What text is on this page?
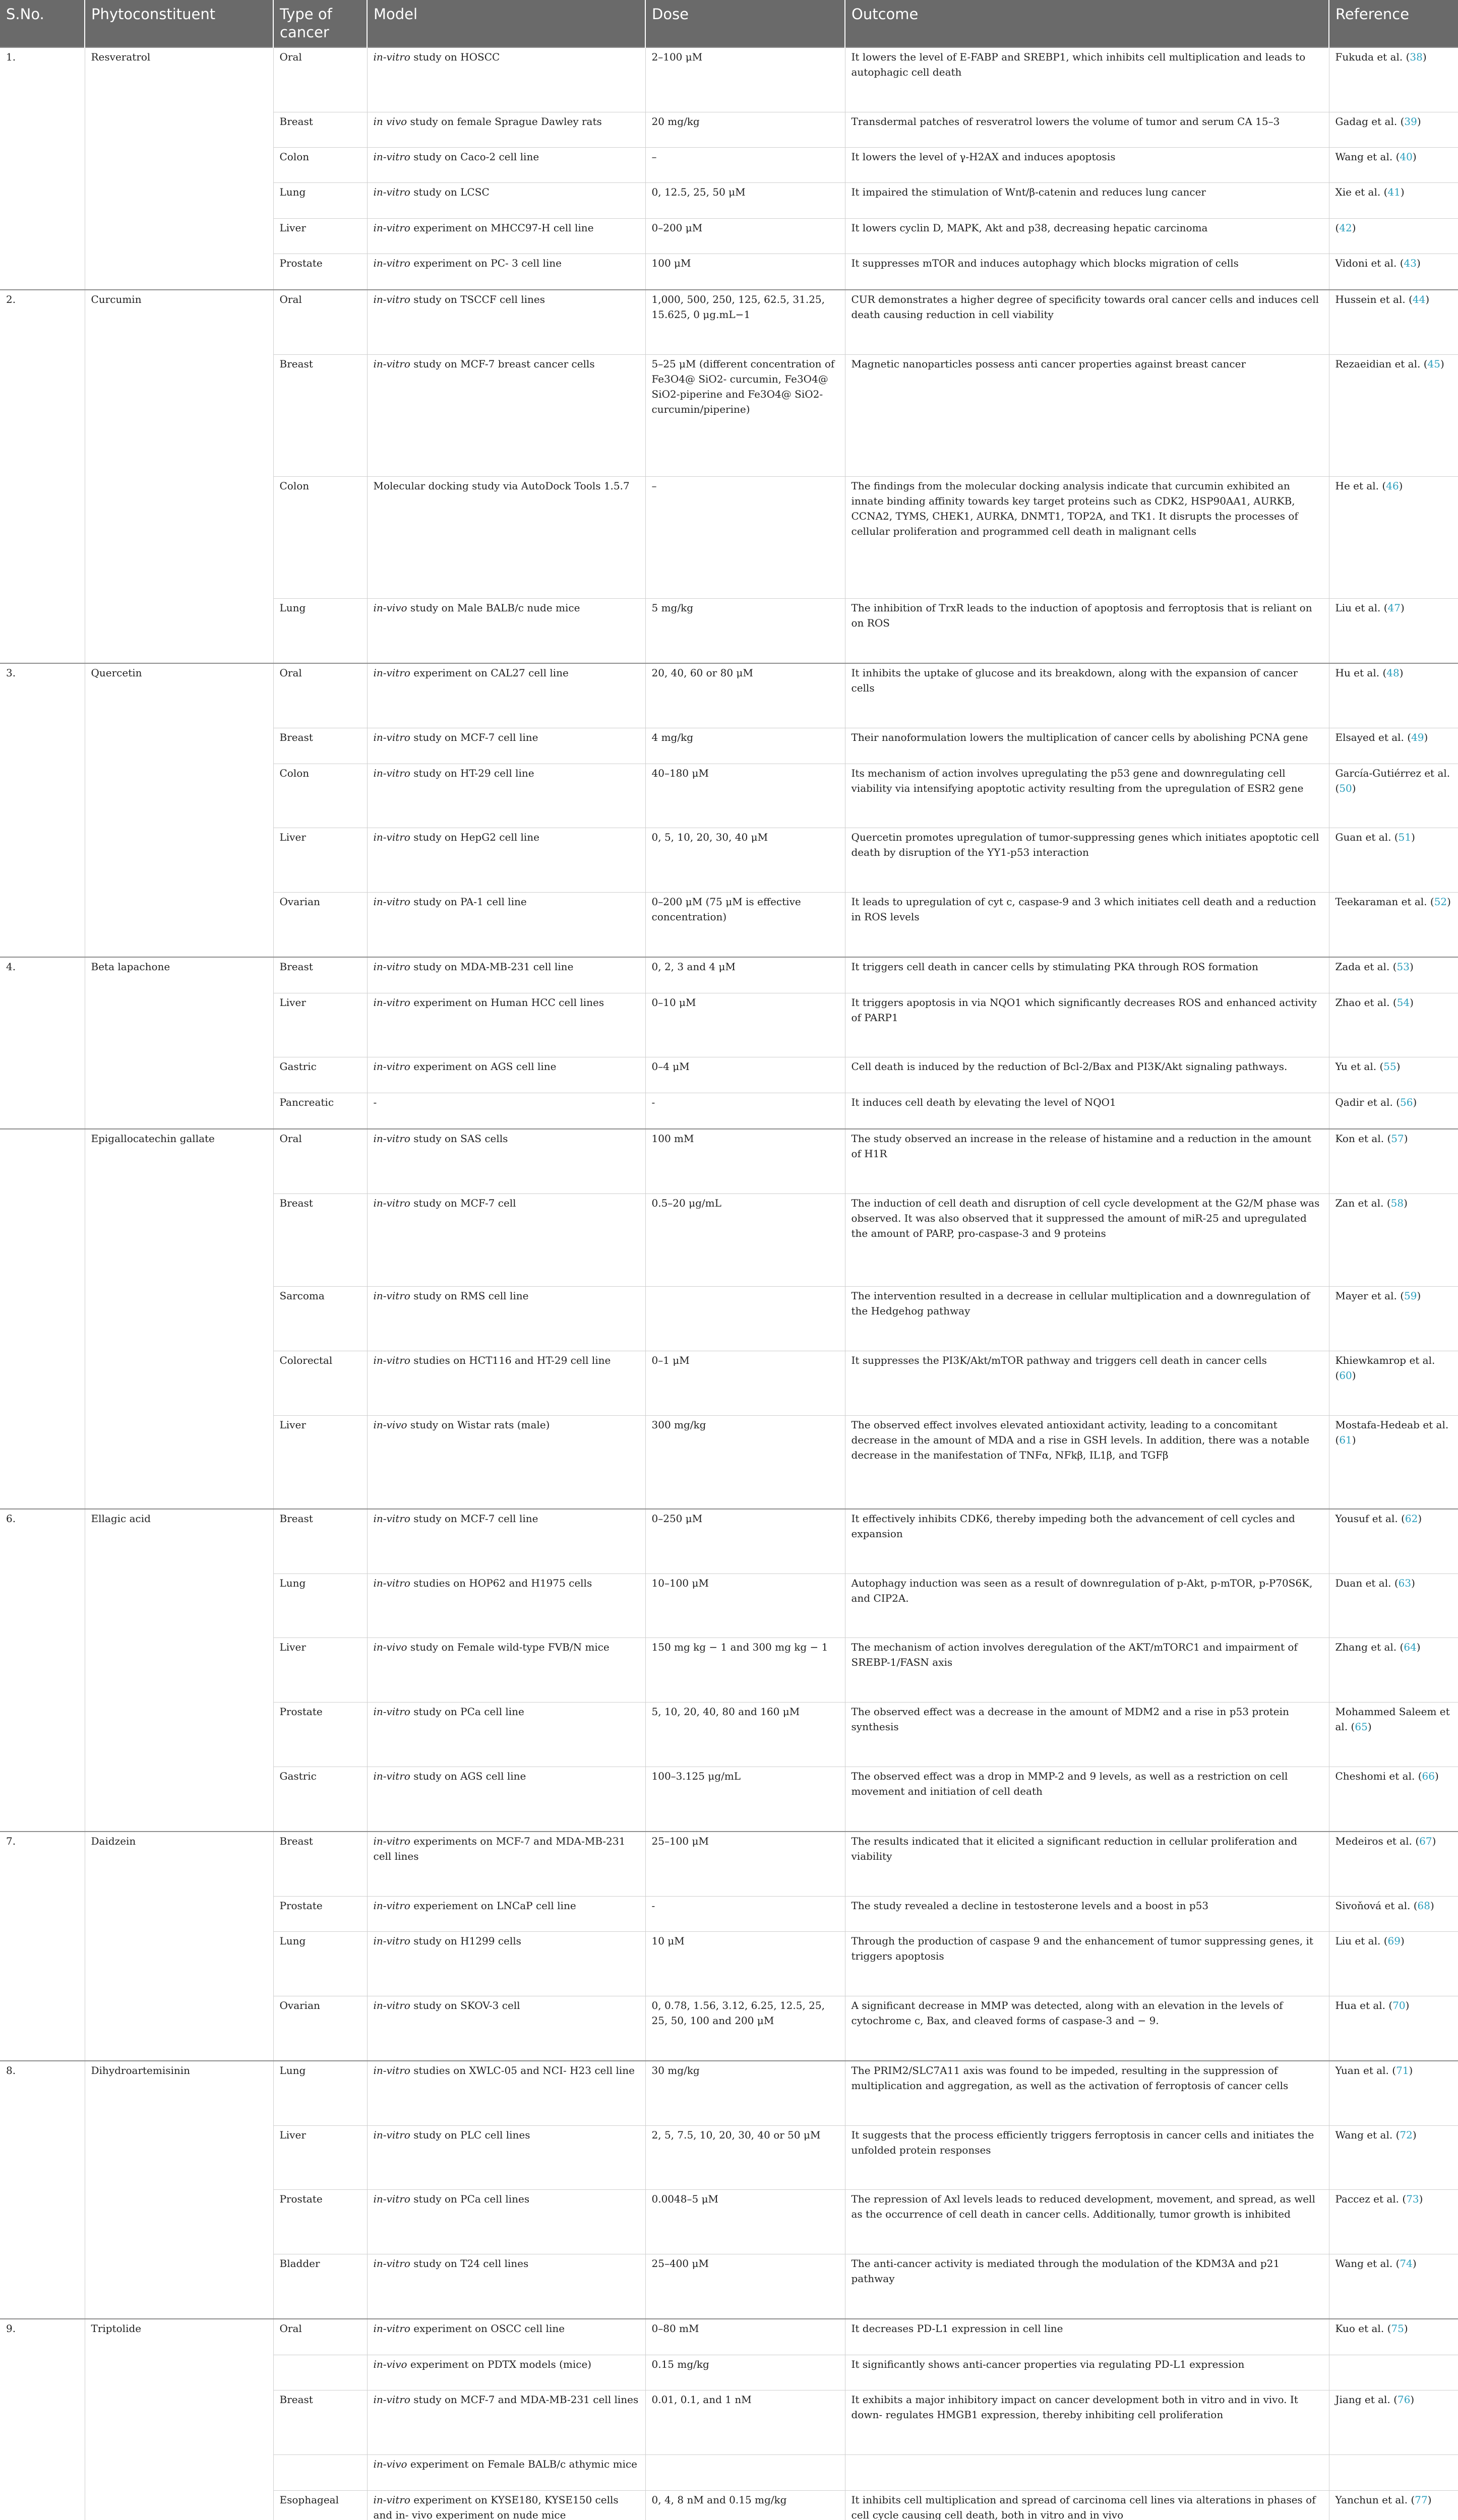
S.No.	Phytoconstituent	Type of cancer	Model	Dose	Outcome	Reference
1.	Resveratrol	Oral	in-vitro study on HOSCC	2–100 μM	It lowers the level of E-FABP and SREBP1, which inhibits cell multiplication and leads to autophagic cell death	Fukuda et al. (38)
		Breast	in vivo study on female Sprague Dawley rats	20 mg/kg	Transdermal patches of resveratrol lowers the volume of tumor and serum CA 15–3	Gadag et al. (39)
		Colon	in-vitro study on Caco-2 cell line	–	It lowers the level of γ-H2AX and induces apoptosis	Wang et al. (40)
		Lung	in-vitro study on LCSC	0, 12.5, 25, 50 μM	It impaired the stimulation of Wnt/β-catenin and reduces lung cancer	Xie et al. (41)
		Liver	in-vitro experiment on MHCC97-H cell line	0–200 μM	It lowers cyclin D, MAPK, Akt and p38, decreasing hepatic carcinoma	(42)
		Prostate	in-vitro experiment on PC- 3 cell line	100 μM	It suppresses mTOR and induces autophagy which blocks migration of cells	Vidoni et al. (43)
2.	Curcumin	Oral	in-vitro study on TSCCF cell lines	1,000, 500, 250, 125, 62.5, 31.25, 15.625, 0 μg.mL−1	CUR demonstrates a higher degree of specificity towards oral cancer cells and induces cell death causing reduction in cell viability	Hussein et al. (44)
		Breast	in-vitro study on MCF-7 breast cancer cells	5–25 μM (different concentration of Fe3O4@ SiO2- curcumin, Fe3O4@ SiO2-piperine and Fe3O4@ SiO2-curcumin/piperine)	Magnetic nanoparticles possess anti cancer properties against breast cancer	Rezaeidian et al. (45)
		Colon	Molecular docking study via AutoDock Tools 1.5.7	–	The findings from the molecular docking analysis indicate that curcumin exhibited an innate binding affinity towards key target proteins such as CDK2, HSP90AA1, AURKB, CCNA2, TYMS, CHEK1, AURKA, DNMT1, TOP2A, and TK1. It disrupts the processes of cellular proliferation and programmed cell death in malignant cells	He et al. (46)
		Lung	in-vivo study on Male BALB/c nude mice	5 mg/kg	The inhibition of TrxR leads to the induction of apoptosis and ferroptosis that is reliant on on ROS	Liu et al. (47)
3.	Quercetin	Oral	in-vitro experiment on CAL27 cell line	20, 40, 60 or 80 μM	It inhibits the uptake of glucose and its breakdown, along with the expansion of cancer cells	Hu et al. (48)
		Breast	in-vitro study on MCF-7 cell line	4 mg/kg	Their nanoformulation lowers the multiplication of cancer cells by abolishing PCNA gene	Elsayed et al. (49)
		Colon	in-vitro study on HT-29 cell line	40–180 μM	Its mechanism of action involves upregulating the p53 gene and downregulating cell viability via intensifying apoptotic activity resulting from the upregulation of ESR2 gene	García-Gutiérrez et al. (50)
		Liver	in-vitro study on HepG2 cell line	0, 5, 10, 20, 30, 40 μM	Quercetin promotes upregulation of tumor-suppressing genes which initiates apoptotic cell death by disruption of the YY1-p53 interaction	Guan et al. (51)
		Ovarian	in-vitro study on PA-1 cell line	0–200 μM (75 μM is effective concentration)	It leads to upregulation of cyt c, caspase-9 and 3 which initiates cell death and a reduction in ROS levels	Teekaraman et al. (52)
4.	Beta lapachone	Breast	in-vitro study on MDA-MB-231 cell line	0, 2, 3 and 4 μM	It triggers cell death in cancer cells by stimulating PKA through ROS formation	Zada et al. (53)
		Liver	in-vitro experiment on Human HCC cell lines	0–10 μM	It triggers apoptosis in via NQO1 which significantly decreases ROS and enhanced activity of PARP1	Zhao et al. (54)
		Gastric	in-vitro experiment on AGS cell line	0–4 μM	Cell death is induced by the reduction of Bcl-2/Bax and PI3K/Akt signaling pathways.	Yu et al. (55)
		Pancreatic	-	-	It induces cell death by elevating the level of NQO1	Qadir et al. (56)
	Epigallocatechin gallate	Oral	in-vitro study on SAS cells	100 mM	The study observed an increase in the release of histamine and a reduction in the amount of H1R	Kon et al. (57)
		Breast	in-vitro study on MCF-7 cell	0.5–20 μg/mL	The induction of cell death and disruption of cell cycle development at the G2/M phase was observed. It was also observed that it suppressed the amount of miR-25 and upregulated the amount of PARP, pro-caspase-3 and 9 proteins	Zan et al. (58)
		Sarcoma	in-vitro study on RMS cell line		The intervention resulted in a decrease in cellular multiplication and a downregulation of the Hedgehog pathway	Mayer et al. (59)
		Colorectal	in-vitro studies on HCT116 and HT-29 cell line	0–1 μM	It suppresses the PI3K/Akt/mTOR pathway and triggers cell death in cancer cells	Khiewkamrop et al. (60)
		Liver	in-vivo study on Wistar rats (male)	300 mg/kg	The observed effect involves elevated antioxidant activity, leading to a concomitant decrease in the amount of MDA and a rise in GSH levels. In addition, there was a notable decrease in the manifestation of TNFα, NFkβ, IL1β, and TGFβ	Mostafa-Hedeab et al. (61)
6.	Ellagic acid	Breast	in-vitro study on MCF-7 cell line	0–250 μM	It effectively inhibits CDK6, thereby impeding both the advancement of cell cycles and expansion	Yousuf et al. (62)
		Lung	in-vitro studies on HOP62 and H1975 cells	10–100 μM	Autophagy induction was seen as a result of downregulation of p-Akt, p-mTOR, p-P70S6K, and CIP2A.	Duan et al. (63)
		Liver	in-vivo study on Female wild-type FVB/N mice	150 mg kg − 1 and 300 mg kg − 1	The mechanism of action involves deregulation of the AKT/mTORC1 and impairment of SREBP-1/FASN axis	Zhang et al. (64)
		Prostate	in-vitro study on PCa cell line	5, 10, 20, 40, 80 and 160 μM	The observed effect was a decrease in the amount of MDM2 and a rise in p53 protein synthesis	Mohammed Saleem et al. (65)
		Gastric	in-vitro study on AGS cell line	100–3.125 μg/mL	The observed effect was a drop in MMP-2 and 9 levels, as well as a restriction on cell movement and initiation of cell death	Cheshomi et al. (66)
7.	Daidzein	Breast	in-vitro experiments on MCF-7 and MDA-MB-231 cell lines	25–100 μM	The results indicated that it elicited a significant reduction in cellular proliferation and viability	Medeiros et al. (67)
		Prostate	in-vitro experiement on LNCaP cell line	-	The study revealed a decline in testosterone levels and a boost in p53	Sivoňová et al. (68)
		Lung	in-vitro study on H1299 cells	10 μM	Through the production of caspase 9 and the enhancement of tumor suppressing genes, it triggers apoptosis	Liu et al. (69)
		Ovarian	in-vitro study on SKOV-3 cell	0, 0.78, 1.56, 3.12, 6.25, 12.5, 25, 25, 50, 100 and 200 μM	A significant decrease in MMP was detected, along with an elevation in the levels of cytochrome c, Bax, and cleaved forms of caspase-3 and − 9.	Hua et al. (70)
8.	Dihydroartemisinin	Lung	in-vitro studies on XWLC-05 and NCI- H23 cell line	30 mg/kg	The PRIM2/SLC7A11 axis was found to be impeded, resulting in the suppression of multiplication and aggregation, as well as the activation of ferroptosis of cancer cells	Yuan et al. (71)
		Liver	in-vitro study on PLC cell lines	2, 5, 7.5, 10, 20, 30, 40 or 50 μM	It suggests that the process efficiently triggers ferroptosis in cancer cells and initiates the unfolded protein responses	Wang et al. (72)
		Prostate	in-vitro study on PCa cell lines	0.0048–5 μM	The repression of Axl levels leads to reduced development, movement, and spread, as well as the occurrence of cell death in cancer cells. Additionally, tumor growth is inhibited	Paccez et al. (73)
		Bladder	in-vitro study on T24 cell lines	25–400 μM	The anti-cancer activity is mediated through the modulation of the KDM3A and p21 pathway	Wang et al. (74)
9.	Triptolide	Oral	in-vitro experiment on OSCC cell line	0–80 mM	It decreases PD-L1 expression in cell line	Kuo et al. (75)
			in-vivo experiment on PDTX models (mice)	0.15 mg/kg	It significantly shows anti-cancer properties via regulating PD-L1 expression	
		Breast	in-vitro study on MCF-7 and MDA-MB-231 cell lines	0.01, 0.1, and 1 nM	It exhibits a major inhibitory impact on cancer development both in vitro and in vivo. It down- regulates HMGB1 expression, thereby inhibiting cell proliferation	Jiang et al. (76)
			in-vivo experiment on Female BALB/c athymic mice			
		Esophageal	in-vitro experiment on KYSE180, KYSE150 cells and in- vivo experiment on nude mice	0, 4, 8 nM and 0.15 mg/kg	It inhibits cell multiplication and spread of carcinoma cell lines via alterations in phases of cell cycle causing cell death, both in vitro and in vivo	Yanchun et al. (77)
